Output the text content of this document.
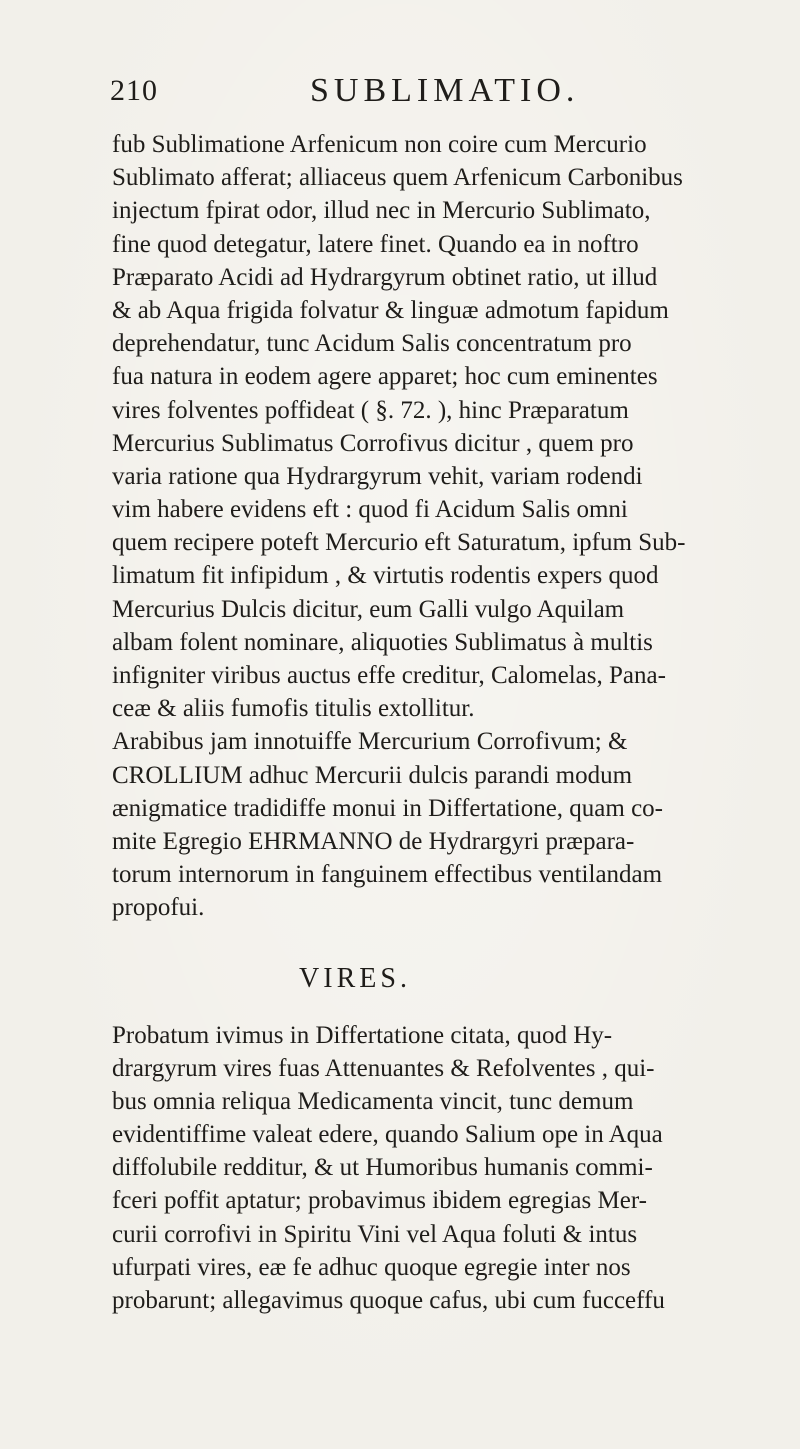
210	SUBLIMATIO.
fub Sublimatione Arfenicum non coire cum Mercurio
Sublimato afferat; alliaceus quem Arfenicum Carbonibus
injectum fpirat odor, illud nec in Mercurio Sublimato,
fine quod detegatur, latere finet. Quando ea in noftro
Præparato Acidi ad Hydrargyrum obtinet ratio, ut illud
& ab Aqua frigida folvatur & linguæ admotum fapidum
deprehendatur, tunc Acidum Salis concentratum pro
fua natura in eodem agere apparet; hoc cum eminentes
vires folventes poffideat ( §. 72. ), hinc Præparatum
Mercurius Sublimatus Corrofivus dicitur , quem pro
varia ratione qua Hydrargyrum vehit, variam rodendi
vim habere evidens eft : quod fi Acidum Salis omni
quem recipere poteft Mercurio eft Saturatum, ipfum Sub-
limatum fit infipidum , & virtutis rodentis expers quod
Mercurius Dulcis dicitur, eum Galli vulgo Aquilam
albam folent nominare, aliquoties Sublimatus à multis
infigniter viribus auctus effe creditur, Calomelas, Pana-
ceæ & aliis fumofis titulis extollitur.
Arabibus jam innotuiffe Mercurium Corrofivum; &
CROLLIUM adhuc Mercurii dulcis parandi modum
ænigmatice tradidiffe monui in Differtatione, quam co-
mite Egregio EHRMANNO de Hydrargyri præpara-
torum internorum in fanguinem effectibus ventilandam
propofui.
VIRES.
Probatum ivimus in Differtatione citata, quod Hy-
drargyrum vires fuas Attenuantes & Refolventes , qui-
bus omnia reliqua Medicamenta vincit, tunc demum
evidentiffime valeat edere, quando Salium ope in Aqua
diffolubile redditur, & ut Humoribus humanis commi-
fceri poffit aptatur; probavimus ibidem egregias Mer-
curii corrofivi in Spiritu Vini vel Aqua foluti & intus
ufurpati vires, eæ fe adhuc quoque egregie inter nos
probarunt; allegavimus quoque cafus, ubi cum fucceffu
